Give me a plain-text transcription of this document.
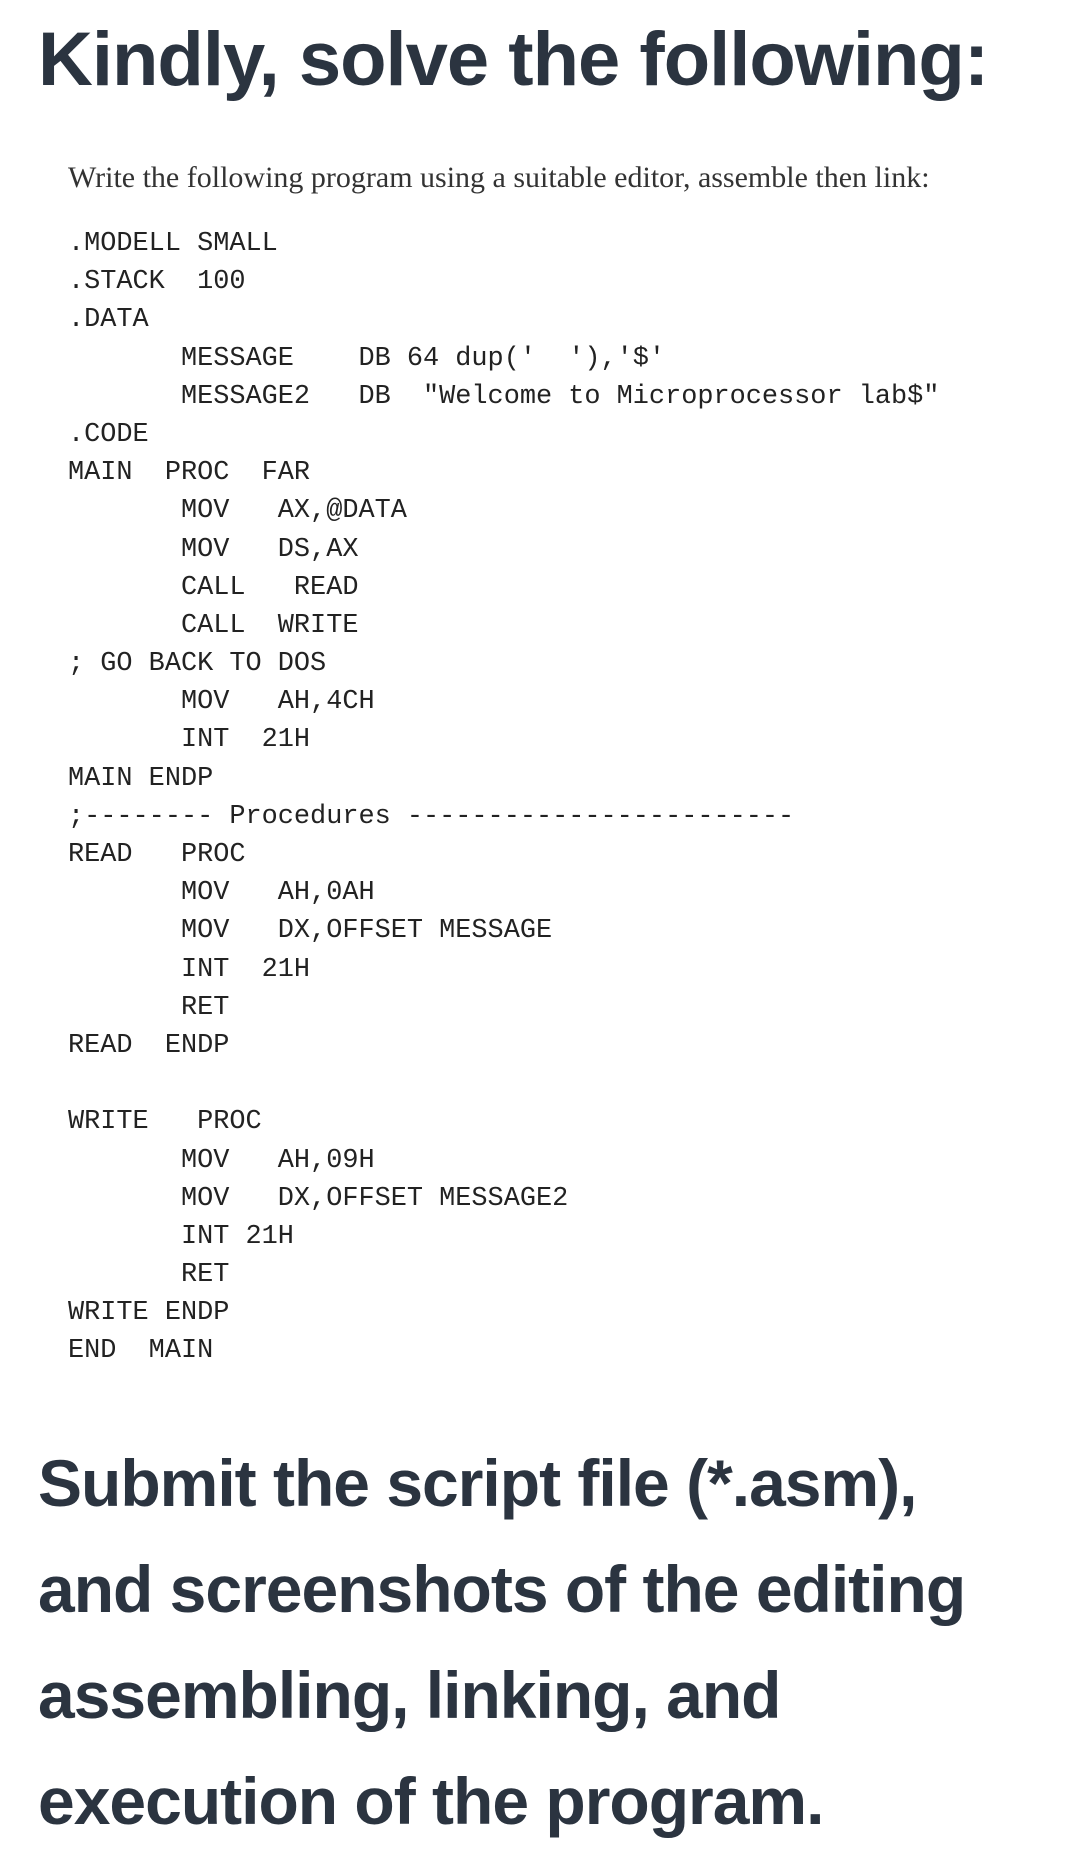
Kindly, solve the following:

Write the following program using a suitable editor, assemble then link:

.MODELL SMALL
.STACK  100
.DATA
MESSAGE    DB 64 dup('  '),'$'
MESSAGE2   DB  "Welcome to Microprocessor lab$"
.CODE
MAIN  PROC  FAR
MOV   AX,@DATA
MOV   DS,AX
CALL   READ
CALL  WRITE
; GO BACK TO DOS
MOV   AH,4CH
INT  21H
MAIN ENDP
;-------- Procedures ------------------------
READ   PROC
MOV   AH,0AH
MOV   DX,OFFSET MESSAGE
INT  21H
RET
READ  ENDP
WRITE   PROC
MOV   AH,09H
MOV   DX,OFFSET MESSAGE2
INT 21H
RET
WRITE ENDP
END  MAIN
Submit the script file (*.asm),
and screenshots of the editing
assembling, linking, and
execution of the program.
